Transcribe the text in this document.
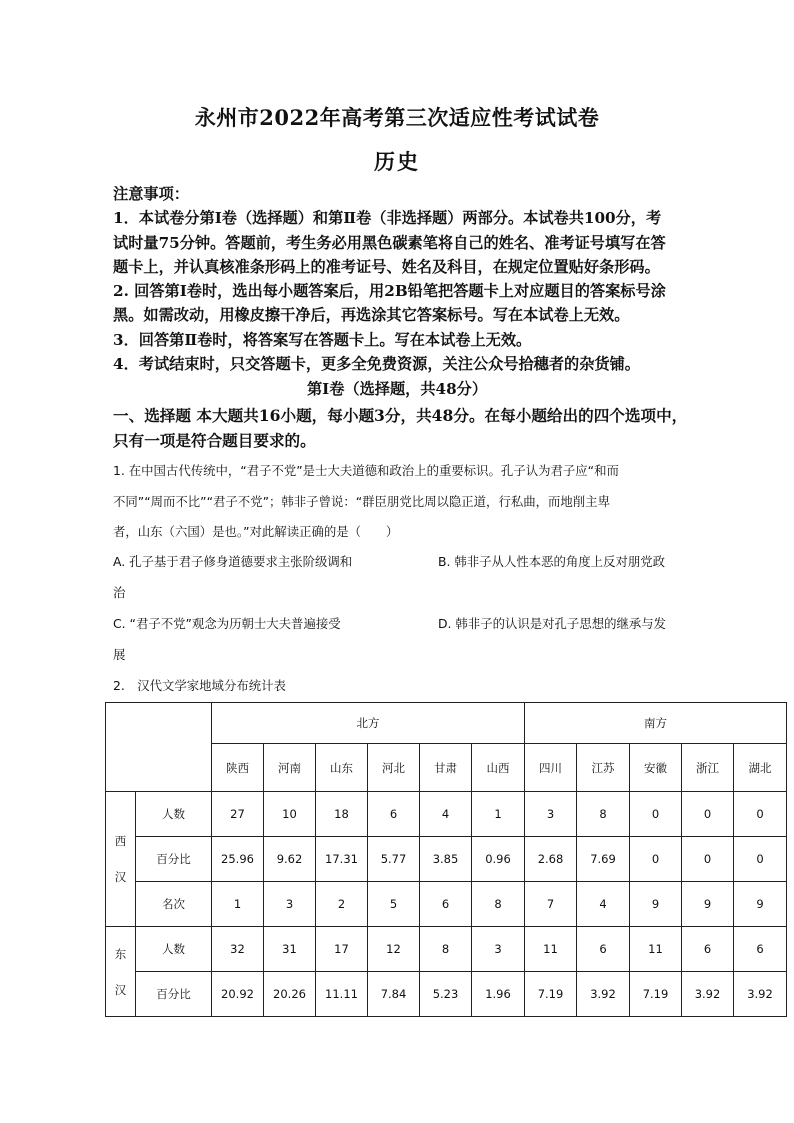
永州市2022年高考第三次适应性考试试卷
历史

注意事项：

1．本试卷分第Ⅰ卷（选择题）和第Ⅱ卷（非选择题）两部分。本试卷共100分，考

试时量75分钟。答题前，考生务必用黑色碳素笔将自己的姓名、准考证号填写在答

题卡上，并认真核准条形码上的准考证号、姓名及科目，在规定位置贴好条形码。

2. 回答第Ⅰ卷时，选出每小题答案后，用2B铅笔把答题卡上对应题目的答案标号涂

黑。如需改动，用橡皮擦干净后，再选涂其它答案标号。写在本试卷上无效。

3．回答第Ⅱ卷时，将答案写在答题卡上。写在本试卷上无效。

4．考试结束时，只交答题卡，更多全免费资源，关注公众号拾穗者的杂货铺。

第Ⅰ卷（选择题，共48分）
一、选择题 本大题共16小题，每小题3分，共48分。在每小题给出的四个选项中，
只有一项是符合题目要求的。
1. 在中国古代传统中，“君子不党”是士大夫道德和政治上的重要标识。孔子认为君子应“和而
不同”“周而不比”“君子不党”；韩非子曾说：“群臣朋党比周以隐正道，行私曲，而地削主卑
者，山东（六国）是也。”对此解读正确的是（　　）
A. 孔子基于君子修身道德要求主张阶级调和	B. 韩非子从人性本恶的角度上反对朋党政
治
C. “君子不党”观念为历朝士大夫普遍接受	D. 韩非子的认识是对孔子思想的继承与发
展
2.　汉代文学家地域分布统计表
		北方						南方				
		陕西	河南	山东	河北	甘肃	山西	四川	江苏	安徽	浙江	湖北

西
汉	人数	27	10	18	6	4	1	3	8	0	0	0
	百分比	25.96	9.62	17.31	5.77	3.85	0.96	2.68	7.69	0	0	0
	名次	1	3	2	5	6	8	7	4	9	9	9

东
汉	人数	32	31	17	12	8	3	11	6	11	6	6
	百分比	20.92	20.26	11.11	7.84	5.23	1.96	7.19	3.92	7.19	3.92	3.92
